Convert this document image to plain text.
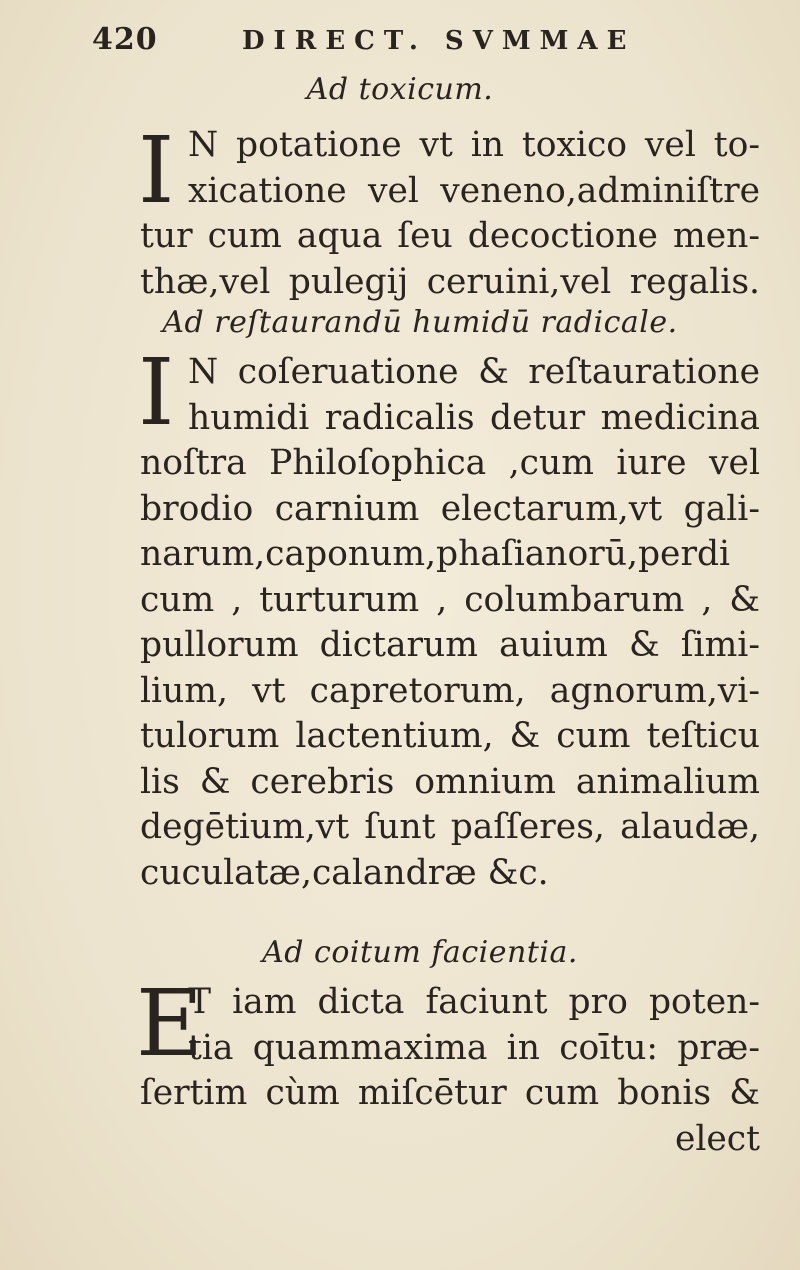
420	DIRECT. SVMMAE
Ad toxicum.
I N potatione vt in toxico vel to-
xicatione vel veneno,adminiſtre
tur cum aqua ſeu decoctione men-
thæ,vel pulegij ceruini,vel regalis.
Ad reſtaurandū humidū radicale.
I N coſeruatione & reſtauratione
humidi radicalis detur medicina
noſtra Philoſophica ,cum iure vel
brodio carnium electarum,vt gali-
narum,caponum,phaſianorū,perdi
cum , turturum , columbarum , &
pullorum dictarum auium & ſimi-
lium, vt capretorum, agnorum,vi-
tulorum lactentium, & cum teſticu
lis & cerebris omnium animalium
degētium,vt ſunt paſſeres, alaudæ,
cuculatæ,calandræ &c.
Ad coitum facientia.
E
T iam dicta faciunt pro poten-
tia quammaxima in coītu: præ-
ſertim cùm miſcētur cum bonis &
elect
